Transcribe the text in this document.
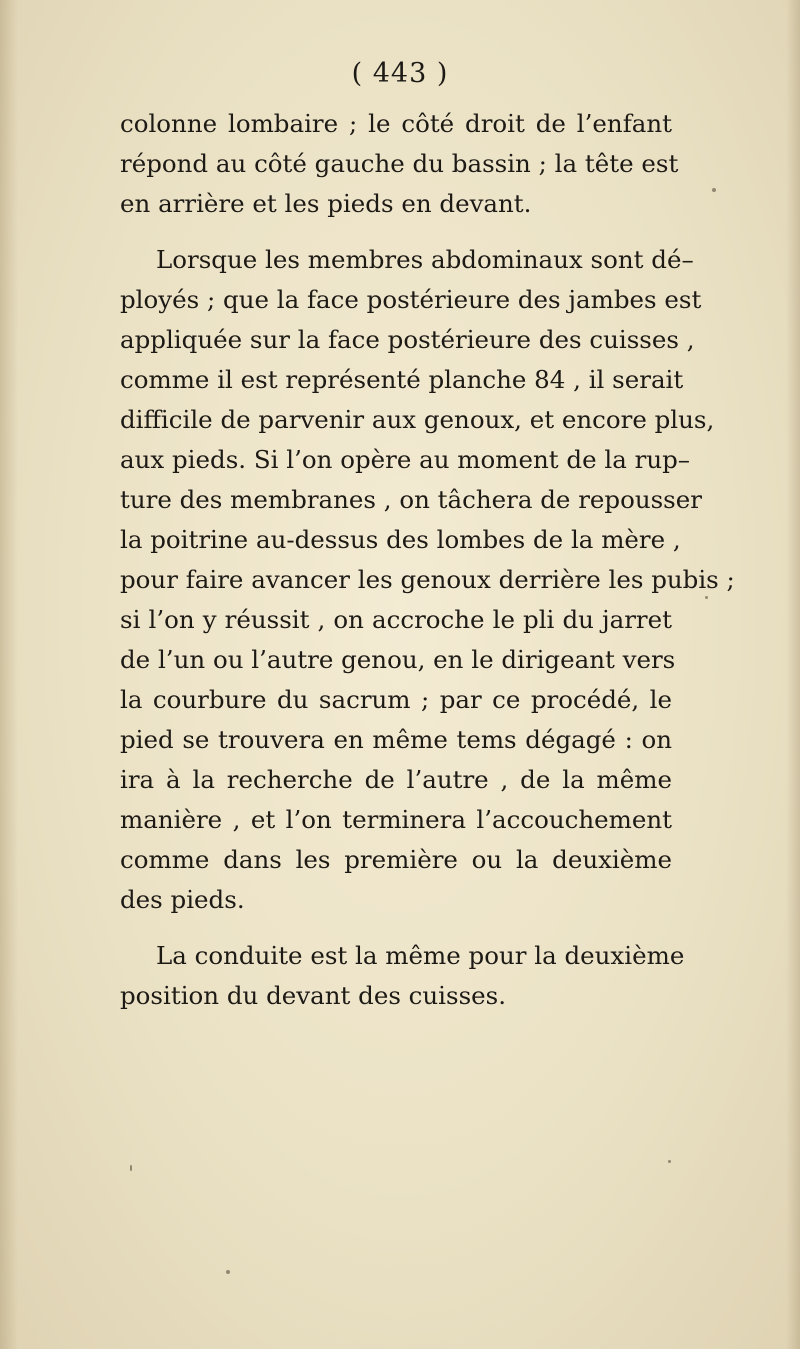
( 443 )
colonne lombaire ; le côté droit de l’enfant
répond au côté gauche du bassin ; la tête est
en arrière et les pieds en devant.
Lorsque les membres abdominaux sont dé–
ployés ; que la face postérieure des jambes est
appliquée sur la face postérieure des cuisses ,
comme il est représenté planche 84 , il serait
difficile de parvenir aux genoux, et encore plus,
aux pieds. Si l’on opère au moment de la rup–
ture des membranes , on tâchera de repousser
la poitrine au-dessus des lombes de la mère ,
pour faire avancer les genoux derrière les pubis ;
si l’on y réussit , on accroche le pli du jarret
de l’un ou l’autre genou, en le dirigeant vers
la courbure du sacrum ; par ce procédé, le
pied se trouvera en même tems dégagé : on
ira à la recherche de l’autre , de la même
manière , et l’on terminera l’accouchement
comme dans les première ou la deuxième
des pieds.
La conduite est la même pour la deuxième
position du devant des cuisses.
